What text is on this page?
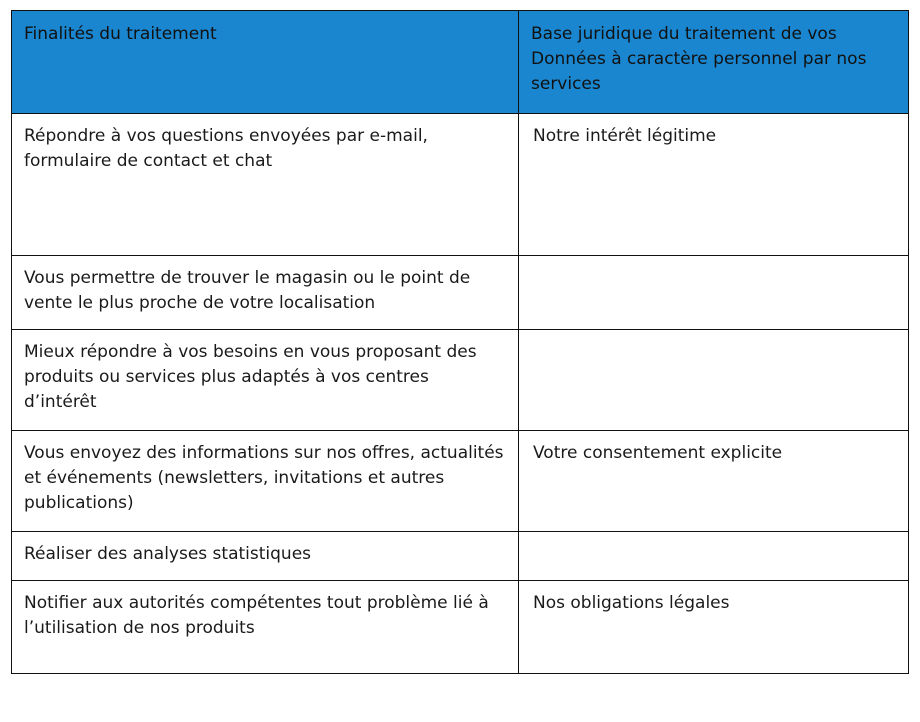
Finalités du traitement	Base juridique du traitement de vos Données à caractère personnel par nos services
Répondre à vos questions envoyées par e-mail, formulaire de contact et chat	Notre intérêt légitime
Vous permettre de trouver le magasin ou le point de vente le plus proche de votre localisation	
Mieux répondre à vos besoins en vous proposant des produits ou services plus adaptés à vos centres d’intérêt	
Vous envoyez des informations sur nos offres, actualités et événements (newsletters, invitations et autres publications)	Votre consentement explicite
Réaliser des analyses statistiques	
Notifier aux autorités compétentes tout problème lié à l’utilisation de nos produits	Nos obligations légales
